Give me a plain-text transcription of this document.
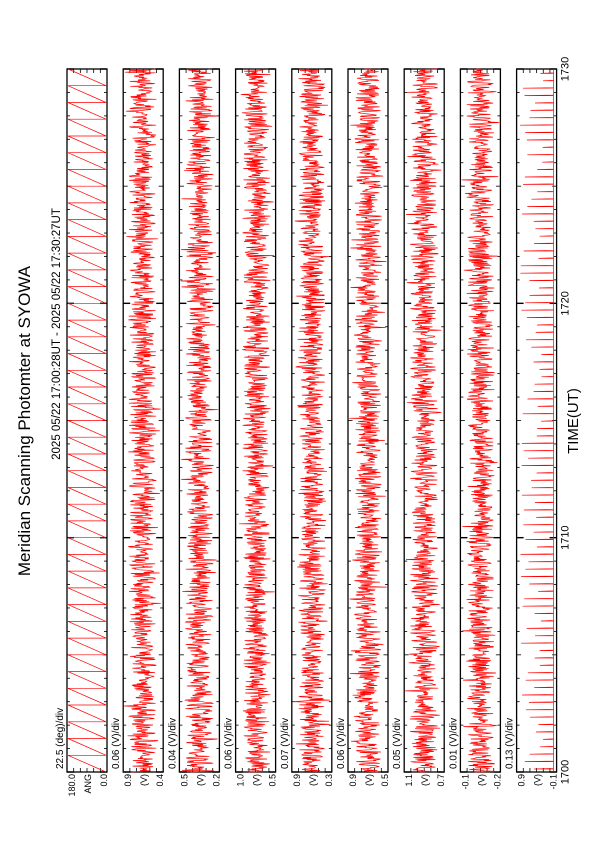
Meridian Scanning Photomter at SYOWA 2025 05/22 17:00:28UT - 2025 05/22 17:30:27UT	TIME(UT)
22.5 (deg)/div
180.0 0.0
ANG
0.06 (V)/div
0.9 0.4
(V)
0.04 (V)/div
0.5 0.2
(V)
0.06 (V)/div
1.0 0.5
(V)
0.07 (V)/div
0.9 0.3
(V)
0.06 (V)/div
0.9 0.5
(V)
0.05 (V)/div
1.1 0.7
(V)
0.01 (V)/div
-0.1 -0.2
(V)
0.13 (V)/div
0.9 -0.1
(V) 1700
1710
1720
1730
